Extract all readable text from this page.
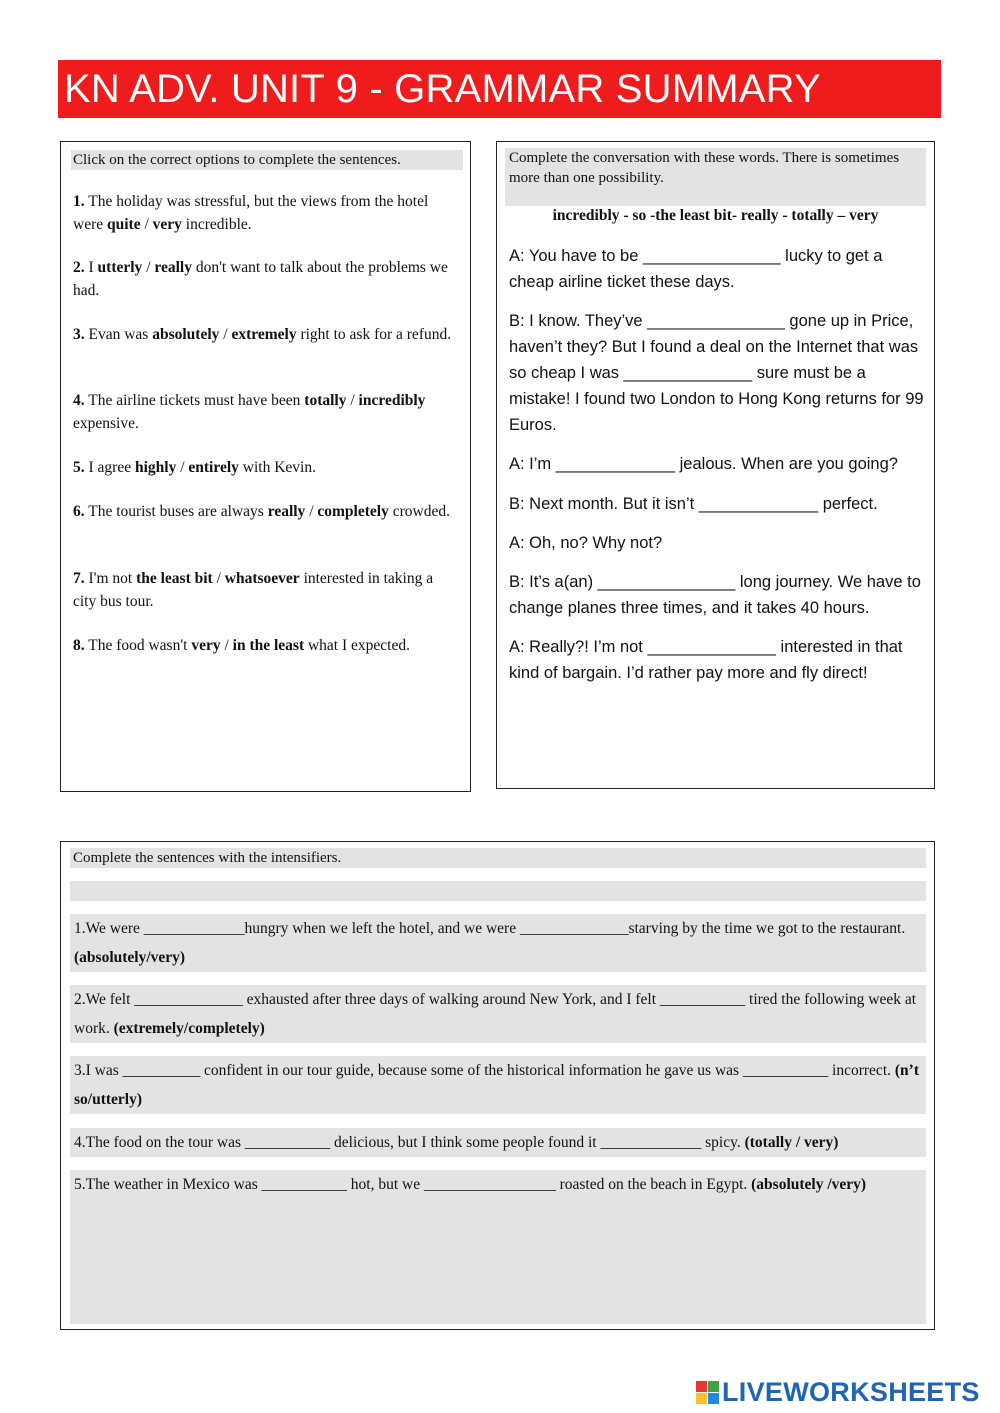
KN ADV. UNIT 9 - GRAMMAR SUMMARY
Click on the correct options to complete the sentences.
1. The holiday was stressful, but the views from the hotel were quite / very incredible.
2. I utterly / really don't want to talk about the problems we had.
3. Evan was absolutely / extremely right to ask for a refund.
4. The airline tickets must have been totally / incredibly expensive.
5. I agree highly / entirely with Kevin.
6. The tourist buses are always really / completely crowded.
7. I'm not the least bit / whatsoever interested in taking a city bus tour.
8. The food wasn't very / in the least what I expected.
Complete the conversation with these words. There is sometimes more than one possibility.
incredibly - so -the least bit- really - totally – very
A: You have to be _______________ lucky to get a cheap airline ticket these days.
B: I know. They’ve _______________ gone up in Price, haven’t they? But I found a deal on the Internet that was so cheap I was ______________ sure must be a mistake! I found two London to Hong Kong returns for 99 Euros.
A: I’m _____________ jealous. When are you going?
B: Next month. But it isn’t _____________ perfect.
A: Oh, no? Why not?
B: It’s a(an) _______________ long journey. We have to change planes three times, and it takes 40 hours.
A: Really?! I’m not ______________ interested in that kind of bargain. I’d rather pay more and fly direct!
Complete the sentences with the intensifiers.
1.We were _____________hungry when we left the hotel, and we were ______________starving by the time we got to the restaurant. (absolutely/very)
2.We felt ______________ exhausted after three days of walking around New York, and I felt ___________ tired the following week at work. (extremely/completely)
3.I was __________ confident in our tour guide, because some of the historical information he gave us was ___________ incorrect. (n’t so/utterly)
4.The food on the tour was ___________ delicious, but I think some people found it _____________ spicy. (totally / very)
5.The weather in Mexico was ___________ hot, but we _________________ roasted on the beach in Egypt. (absolutely /very)
LIVEWORKSHEETS
